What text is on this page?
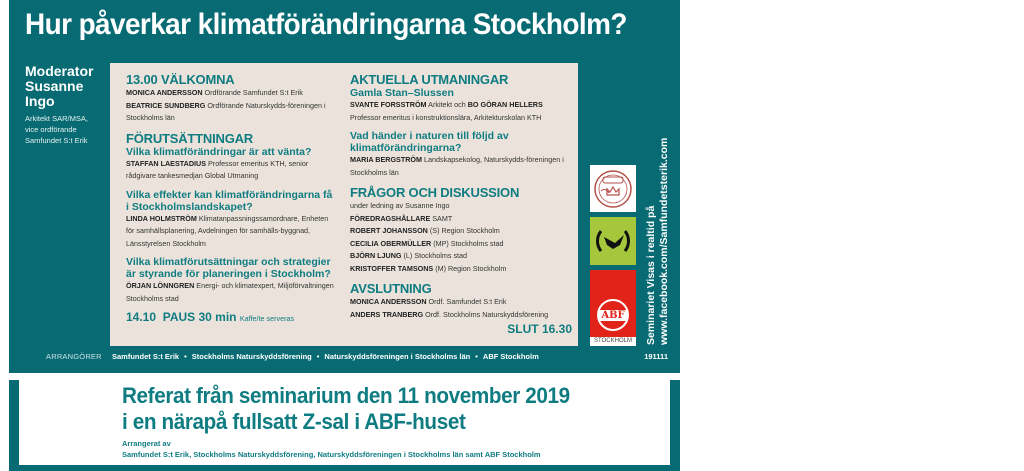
Hur påverkar klimatförändringarna Stockholm?
Moderator
Susanne
Ingo
Arkitekt SAR/MSA,
vice ordförande
Samfundet S:t Erik
13.00 VÄLKOMNA
MONICA ANDERSSON Ordförande Samfundet S:t Erik
BEATRICE SUNDBERG Ordförande Naturskydds-föreningen i Stockholms län
FÖRUTSÄTTNINGAR
Vilka klimatförändringar är att vänta?
STAFFAN LAESTADIUS Professor emeritus KTH, senior rådgivare tankesmedjan Global Utmaning
Vilka effekter kan klimatförändringarna få i Stockholmslandskapet?
LINDA HOLMSTRÖM Klimatanpassningssamordnare, Enheten för samhällsplanering, Avdelningen för samhälls-byggnad, Länsstyrelsen Stockholm
Vilka klimatförutsättningar och strategier är styrande för planeringen i Stockholm?
ÖRJAN LÖNNGREN Energi- och klimatexpert, Miljöförvaltningen Stockholms stad
14.10 PAUS 30 min Kaffe/te serveras
AKTUELLA UTMANINGAR
Gamla Stan–Slussen
SVANTE FORSSTRÖM Arkitekt och BO GÖRAN HELLERS Professor emeritus i konstruktionslära, Arkitekturskolan KTH
Vad händer i naturen till följd av klimatförändringarna?
MARIA BERGSTRÖM Landskapsekolog, Naturskydds-föreningen i Stockholms län
FRÅGOR OCH DISKUSSION
under ledning av Susanne Ingo
FÖREDRAGSHÅLLARE SAMT
ROBERT JOHANSSON (S) Region Stockholm
CECILIA OBERMÜLLER (MP) Stockholms stad
BJÖRN LJUNG (L) Stockholms stad
KRISTOFFER TAMSONS (M) Region Stockholm
AVSLUTNING
MONICA ANDERSSON Ordf. Samfundet S:t Erik
ANDERS TRANBERG Ordf. Stockholms Naturskyddsförening
SLUT 16.30
ABF
STOCKHOLM	Seminariet Visas i realtid på www.facebook.com/Samfundetsterik.com
ARRANGÖRER Samfundet S:t Erik • Stockholms Naturskyddsförening • Naturskyddsföreningen i Stockholms län • ABF Stockholm	191111
Referat från seminarium den 11 november 2019
i en närapå fullsatt Z-sal i ABF-huset
Arrangerat av
Samfundet S:t Erik, Stockholms Naturskyddsförening, Naturskyddsföreningen i Stockholms län samt ABF Stockholm
